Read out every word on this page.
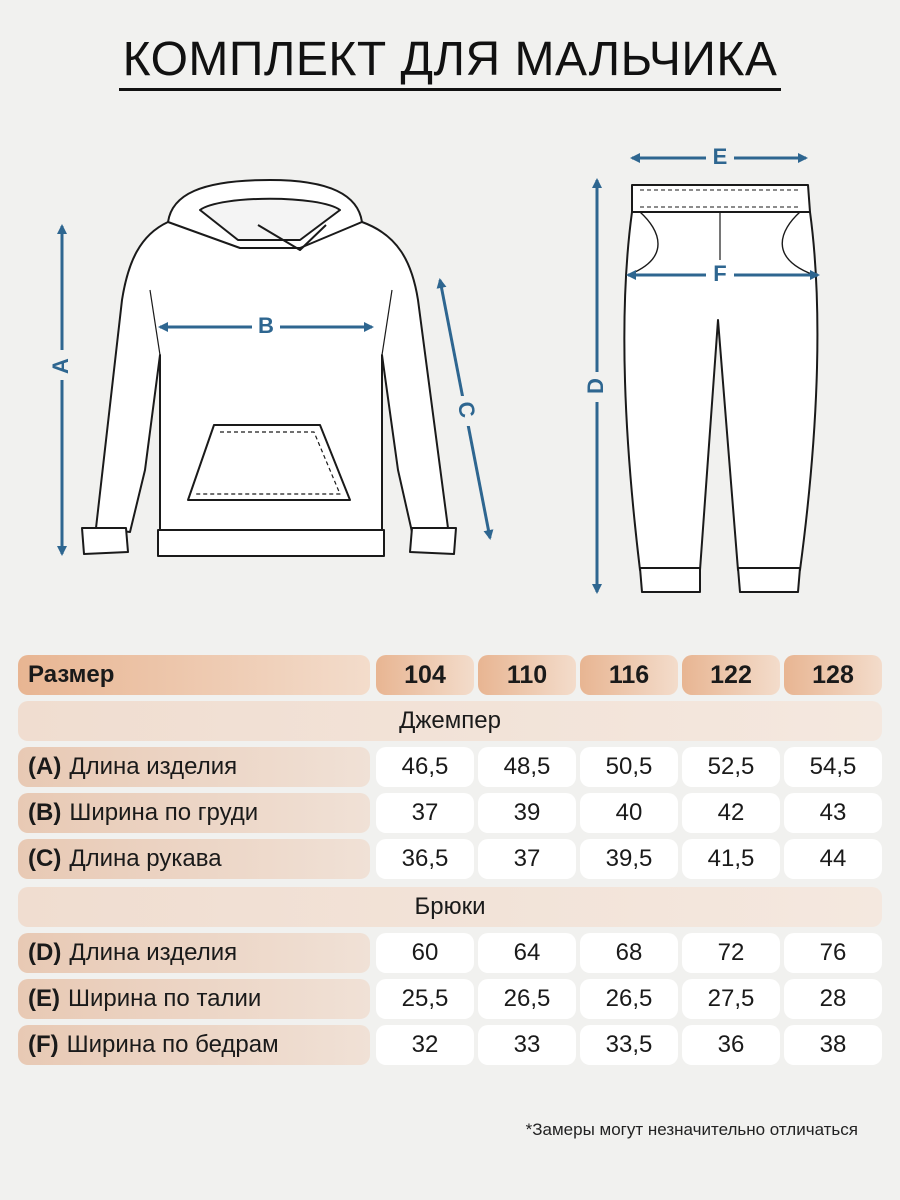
КОМПЛЕКТ ДЛЯ МАЛЬЧИКА
A
B
C
D
E
F
Размер	104	110	116	122	128
Джемпер
(A) Длина изделия	46,5	48,5	50,5	52,5	54,5
(B) Ширина по груди	37	39	40	42	43
(C) Длина рукава	36,5	37	39,5	41,5	44
Брюки
(D) Длина изделия	60	64	68	72	76
(E) Ширина по талии	25,5	26,5	26,5	27,5	28
(F) Ширина по бедрам	32	33	33,5	36	38
*Замеры могут незначительно отличаться
